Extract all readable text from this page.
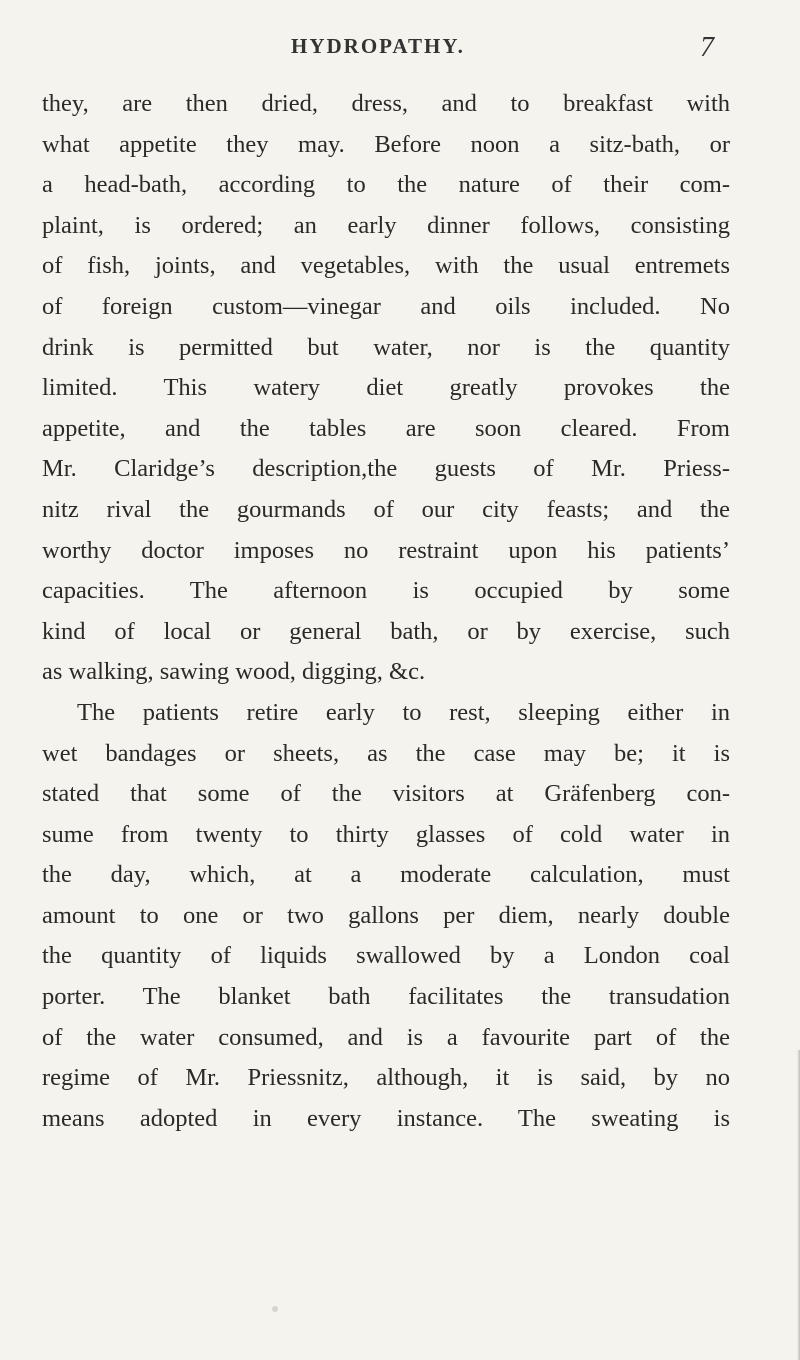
HYDROPATHY.	7
they, are then dried, dress, and to breakfast with
what appetite they may. Before noon a sitz-bath, or
a head-bath, according to the nature of their com-
plaint, is ordered; an early dinner follows, consisting
of fish, joints, and vegetables, with the usual entremets
of foreign custom—vinegar and oils included. No
drink is permitted but water, nor is the quantity
limited. This watery diet greatly provokes the
appetite, and the tables are soon cleared. From
Mr. Claridge’s description,the guests of Mr. Priess-
nitz rival the gourmands of our city feasts; and the
worthy doctor imposes no restraint upon his patients’
capacities. The afternoon is occupied by some
kind of local or general bath, or by exercise, such
as walking, sawing wood, digging, &c.
The patients retire early to rest, sleeping either in
wet bandages or sheets, as the case may be; it is
stated that some of the visitors at Gräfenberg con-
sume from twenty to thirty glasses of cold water in
the day, which, at a moderate calculation, must
amount to one or two gallons per diem, nearly double
the quantity of liquids swallowed by a London coal
porter. The blanket bath facilitates the transudation
of the water consumed, and is a favourite part of the
regime of Mr. Priessnitz, although, it is said, by no
means adopted in every instance. The sweating is
